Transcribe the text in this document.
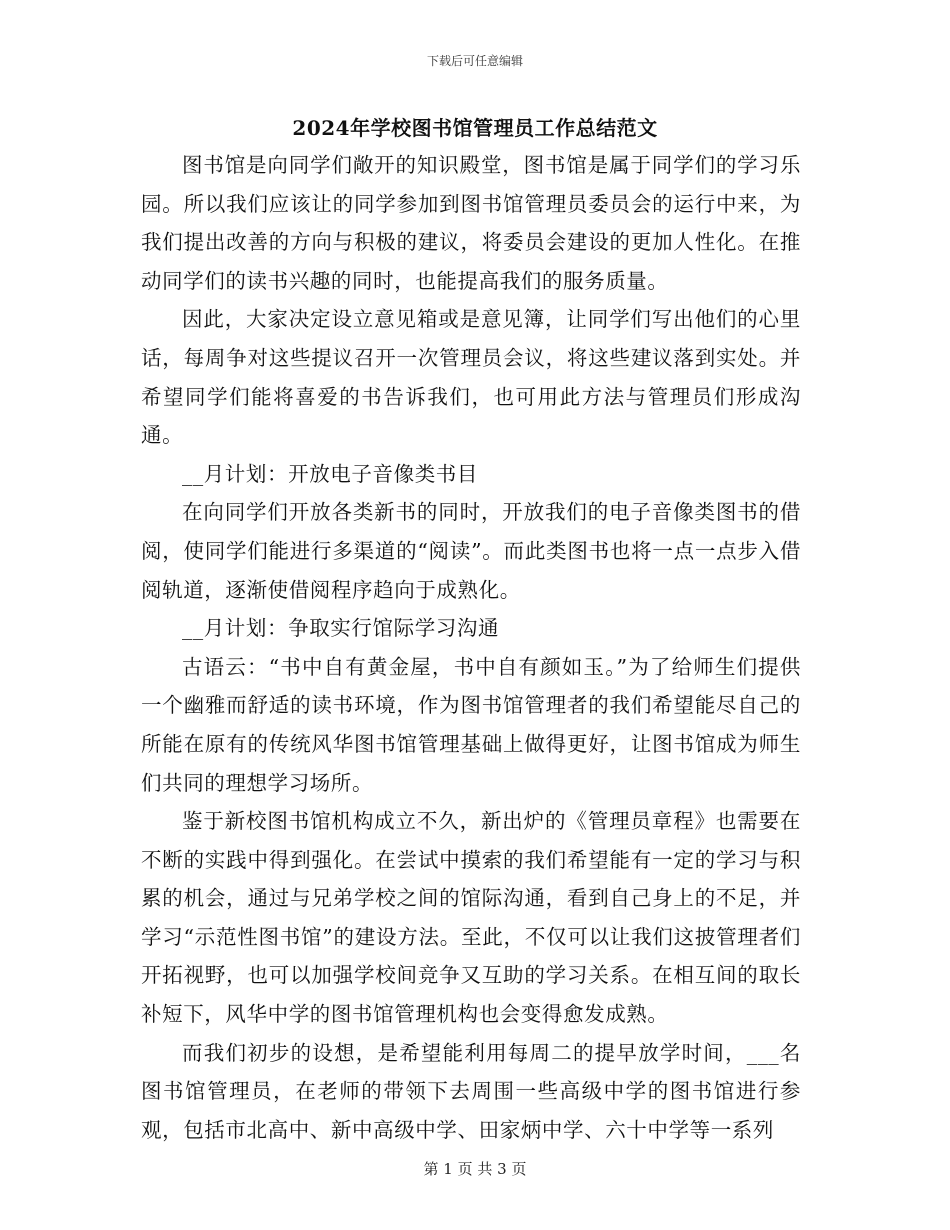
下载后可任意编辑
2024年学校图书馆管理员工作总结范文

图书馆是向同学们敞开的知识殿堂，图书馆是属于同学们的学习乐园。所以我们应该让的同学参加到图书馆管理员委员会的运行中来，为我们提出改善的方向与积极的建议，将委员会建设的更加人性化。在推动同学们的读书兴趣的同时，也能提高我们的服务质量。

因此，大家决定设立意见箱或是意见簿，让同学们写出他们的心里话，每周争对这些提议召开一次管理员会议，将这些建议落到实处。并希望同学们能将喜爱的书告诉我们，也可用此方法与管理员们形成沟通。

__月计划：开放电子音像类书目

在向同学们开放各类新书的同时，开放我们的电子音像类图书的借阅，使同学们能进行多渠道的“阅读”。而此类图书也将一点一点步入借阅轨道，逐渐使借阅程序趋向于成熟化。

__月计划：争取实行馆际学习沟通

古语云：“书中自有黄金屋，书中自有颜如玉。”为了给师生们提供一个幽雅而舒适的读书环境，作为图书馆管理者的我们希望能尽自己的所能在原有的传统风华图书馆管理基础上做得更好，让图书馆成为师生们共同的理想学习场所。

鉴于新校图书馆机构成立不久，新出炉的《管理员章程》也需要在不断的实践中得到强化。在尝试中摸索的我们希望能有一定的学习与积累的机会，通过与兄弟学校之间的馆际沟通，看到自己身上的不足，并学习“示范性图书馆”的建设方法。至此，不仅可以让我们这披管理者们开拓视野，也可以加强学校间竞争又互助的学习关系。在相互间的取长补短下，风华中学的图书馆管理机构也会变得愈发成熟。

而我们初步的设想，是希望能利用每周二的提早放学时间，___名图书馆管理员，在老师的带领下去周围一些高级中学的图书馆进行参观，包括市北高中、新中高级中学、田家炳中学、六十中学等一系列

第 1 页 共 3 页
